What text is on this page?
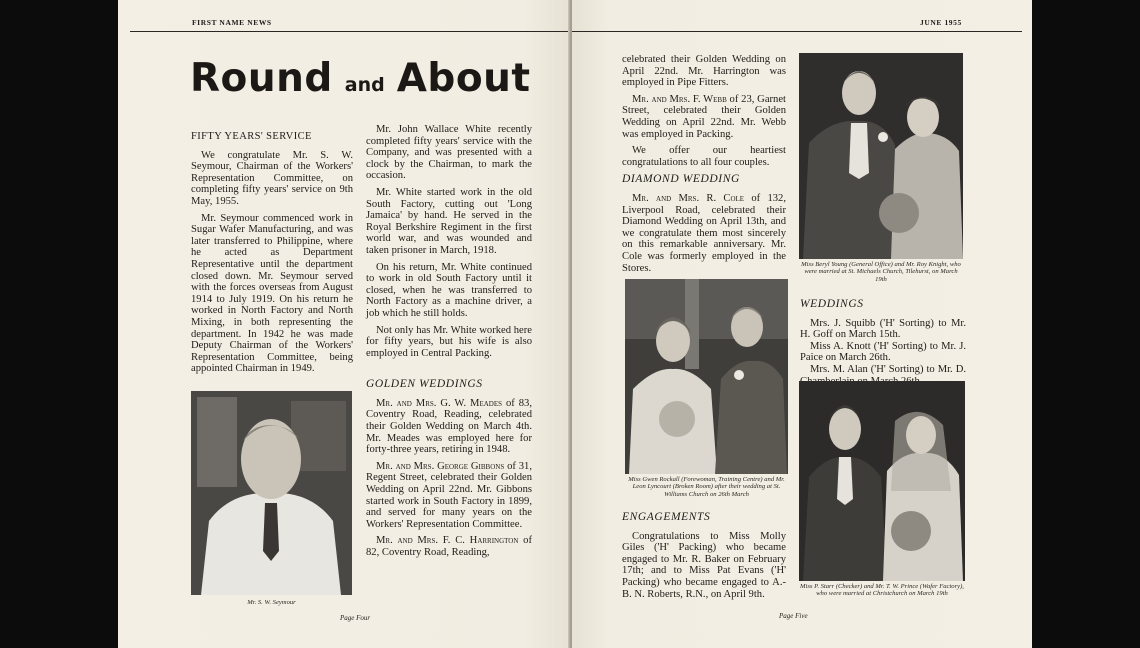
FIRST NAME NEWS
Round and About
FIFTY YEARS' SERVICE

We congratulate Mr. S. W. Seymour, Chairman of the Workers' Representation Committee, on completing fifty years' service on 9th May, 1955.

Mr. Seymour commenced work in Sugar Wafer Manufacturing, and was later transferred to Philippine, where he acted as Department Representative until the department closed down. Mr. Seymour served with the forces overseas from August 1914 to July 1919. On his return he worked in North Factory and North Mixing, in both representing the department. In 1942 he was made Deputy Chairman of the Workers' Representation Committee, being appointed Chairman in 1949.

Mr. S. W. Seymour

Mr. John Wallace White recently completed fifty years' service with the Company, and was presented with a clock by the Chairman, to mark the occasion.

Mr. White started work in the old South Factory, cutting out 'Long Jamaica' by hand. He served in the Royal Berkshire Regiment in the first world war, and was wounded and taken prisoner in March, 1918.

On his return, Mr. White continued to work in old South Factory until it closed, when he was transferred to North Factory as a machine driver, a job which he still holds.

Not only has Mr. White worked here for fifty years, but his wife is also employed in Central Packing.

GOLDEN WEDDINGS

Mr. and Mrs. G. W. Meades of 83, Coventry Road, Reading, celebrated their Golden Wedding on March 4th. Mr. Meades was employed here for forty-three years, retiring in 1948.

Mr. and Mrs. George Gibbons of 31, Regent Street, celebrated their Golden Wedding on April 22nd. Mr. Gibbons started work in South Factory in 1899, and served for many years on the Workers' Representation Committee.

Mr. and Mrs. F. C. Harrington of 82, Coventry Road, Reading,

Page Four
JUNE 1955

celebrated their Golden Wedding on April 22nd. Mr. Harrington was employed in Pipe Fitters.

Mr. and Mrs. F. Webb of 23, Garnet Street, celebrated their Golden Wedding on April 22nd. Mr. Webb was employed in Packing.

We offer our heartiest congratulations to all four couples.

DIAMOND WEDDING

Mr. and Mrs. R. Cole of 132, Liverpool Road, celebrated their Diamond Wedding on April 13th, and we congratulate them most sincerely on this remarkable anniversary. Mr. Cole was formerly employed in the Stores.

Miss Gwen Rockall (Forewoman, Training Centre) and Mr. Leon Lyncourt (Broken Room) after their wedding at St. Williams Church on 26th March
ENGAGEMENTS

Congratulations to Miss Molly Giles ('H' Packing) who became engaged to Mr. R. Baker on February 17th; and to Miss Pat Evans ('H' Packing) who became engaged to A.-B. N. Roberts, R.N., on April 9th.

Miss Beryl Young (General Office) and Mr. Roy Knight, who were married at St. Michaels Church, Tilehurst, on March 19th
WEDDINGS

Mrs. J. Squibb ('H' Sorting) to Mr. H. Goff on March 15th.

Miss A. Knott ('H' Sorting) to Mr. J. Paice on March 26th.

Mrs. M. Alan ('H' Sorting) to Mr. D.

Miss P. Starr (Checker) and Mr. T. W. Prince (Wafer Factory), who were married at Christchurch on March 19th
Page Five
